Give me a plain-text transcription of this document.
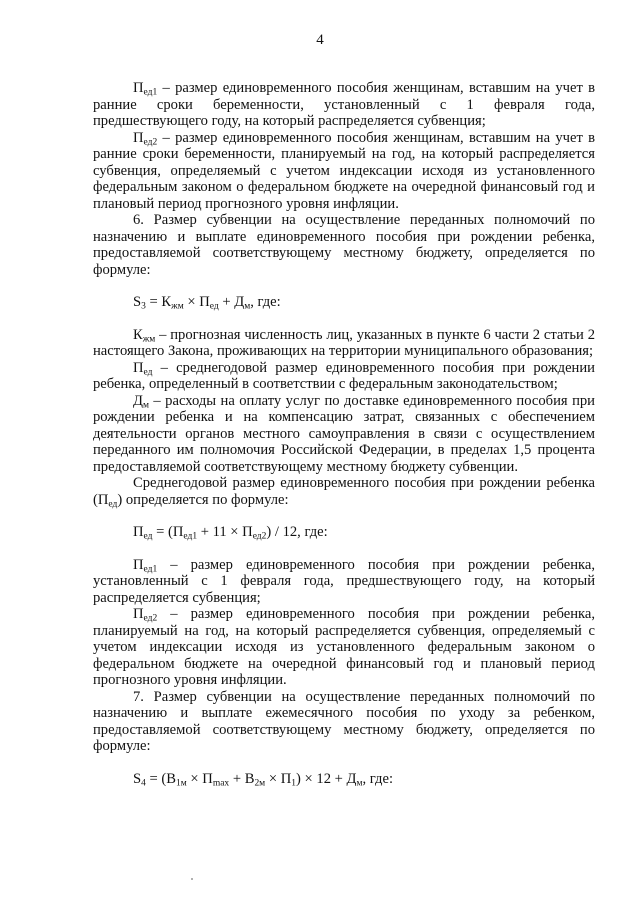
4

$П_{ед1}$ – размер единовременного пособия женщинам, вставшим на учет в ранние сроки беременности, установленный с 1 февраля года, предшествующего году, на который распределяется субвенция;

$П_{ед2}$ – размер единовременного пособия женщинам, вставшим на учет в ранние сроки беременности, планируемый на год, на который распределяется субвенция, определяемый с учетом индексации исходя из установленного федеральным законом о федеральном бюджете на очередной финансовый год и плановый период прогнозного уровня инфляции.

6. Размер субвенции на осуществление переданных полномочий по назначению и выплате единовременного пособия при рождении ребенка, предоставляемой соответствующему местному бюджету, определяется по формуле:

$S_3 = К_{жм} \times П_{ед} + Д_м$, где:

$К_{жм}$ – прогнозная численность лиц, указанных в пункте 6 части 2 статьи 2 настоящего Закона, проживающих на территории муниципального образования;

$П_{ед}$ – среднегодовой размер единовременного пособия при рождении ребенка, определенный в соответствии с федеральным законодательством;

$Д_м$ – расходы на оплату услуг по доставке единовременного пособия при рождении ребенка и на компенсацию затрат, связанных с обеспечением деятельности органов местного самоуправления в связи с осуществлением переданного им полномочия Российской Федерации, в пределах 1,5 процента предоставляемой соответствующему местному бюджету субвенции.

Среднегодовой размер единовременного пособия при рождении ребенка $(П_{ед})$ определяется по формуле:

$П_{ед} = (П_{ед1} + 11 \times П_{ед2}) / 12$, где:

$П_{ед1}$ – размер единовременного пособия при рождении ребенка, установленный с 1 февраля года, предшествующего году, на который распределяется субвенция;

$П_{ед2}$ – размер единовременного пособия при рождении ребенка, планируемый на год, на который распределяется субвенция, определяемый с учетом индексации исходя из установленного федеральным законом о федеральном бюджете на очередной финансовый год и плановый период прогнозного уровня инфляции.

7. Размер субвенции на осуществление переданных полномочий по назначению и выплате ежемесячного пособия по уходу за ребенком, предоставляемой соответствующему местному бюджету, определяется по формуле:

$S_4 = (В_{1м} \times П_{max} + В_{2м} \times П_1) \times 12 + Д_м$, где:
